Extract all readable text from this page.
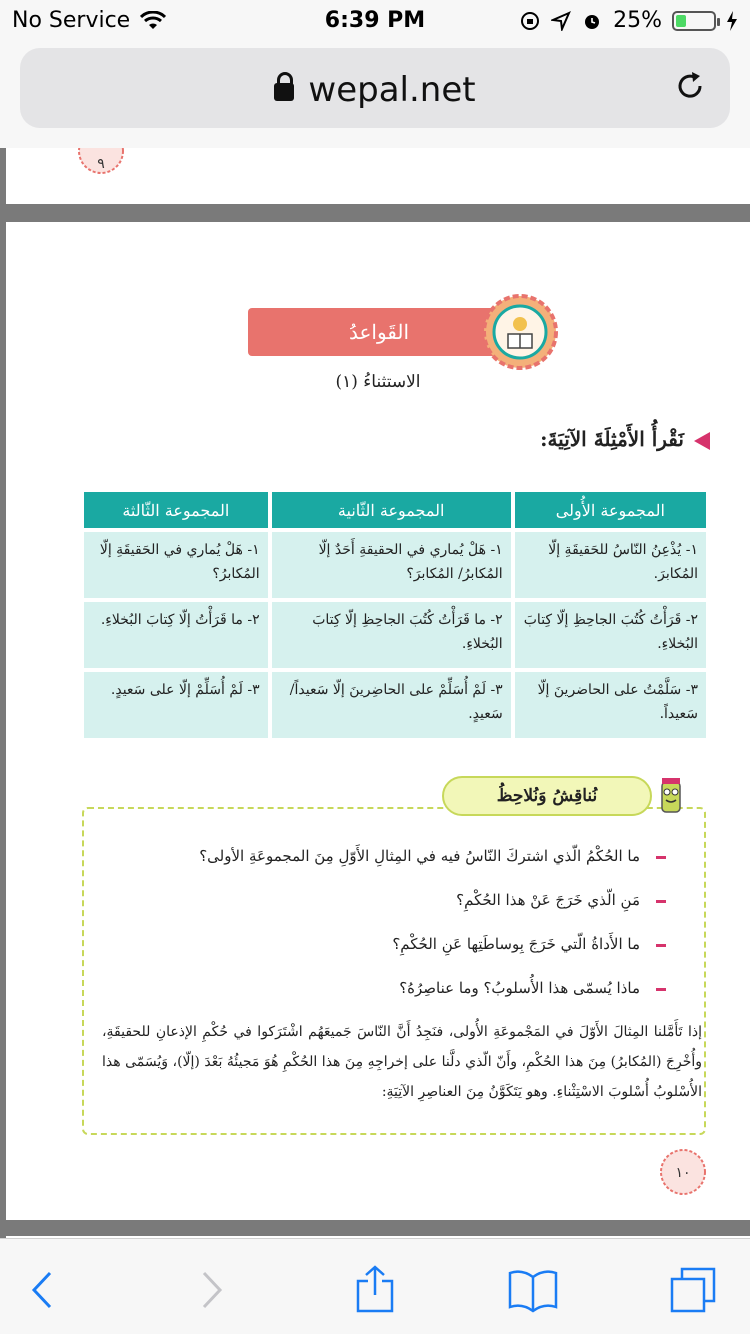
No Service	6:39 PM	25%
wepal.net
٩
القَواعدُ
الاستثناءُ (١)
نَقْرأُ الأَمْثِلَةَ الآتِيَةَ:
المجموعة الأُولى	المجموعة الثّانية	المجموعة الثّالثة
١- يُذْعِنُ النّاسُ للحَقيقَةِ إلّا المُكابرَ.	١- هَلْ يُماري في الحقيقةِ أَحَدٌ إلّا المُكابرُ/ المُكابرَ؟	١- هَلْ يُماري في الحَقيقَةِ إلّا المُكابرُ؟
٢- قَرَأْتُ كُتُبَ الجاحِظِ إلّا كِتابَ البُخلاءِ.	٢- ما قَرَأْتُ كُتُبَ الجاحِظِ إلّا كِتابَ البُخلاءِ.	٢- ما قَرَأْتُ إلّا كِتابَ البُخلاءِ.
٣- سَلَّمْتُ على الحاضرينَ إلّا سَعيداً.	٣- لَمْ أُسَلِّمْ على الحاضِرينَ إلّا سَعيداً/ سَعيدٍ.	٣- لَمْ أُسَلِّمْ إلّا على سَعيدٍ.
نُناقِشُ وَنُلاحِظُ
ما الحُكْمُ الّذي اشتركَ النّاسُ فيه في المِثالِ الأَوّلِ مِنَ المجموعَةِ الأولى؟
مَنِ الّذي خَرَجَ عَنْ هذا الحُكْمِ؟
ما الأَداةُ الّتي خَرَجَ بِوساطَتِها عَنِ الحُكْمِ؟
ماذا يُسمّى هذا الأُسلوبُ؟ وما عناصِرُهُ؟
إذا تَأَمَّلنا المِثالَ الأَوّلَ في المَجْموعَةِ الأُولى، فنَجِدُ أَنَّ النّاسَ جَميعَهُم اشْتَرَكوا في حُكْمِ الإذعانِ للحقيقَةِ، وأُخْرِجَ (المُكابرُ) مِنَ هذا الحُكْمِ، وأَنّ الّذي دلَّنا على إخراجِهِ مِنَ هذا الحُكْمِ هُوَ مَجيئُهُ بَعْدَ (إلّا)، وَيُسَمّى هذا الأُسْلوبُ أُسْلوبَ الاسْتِثْناءِ. وهو يَتَكَوَّنُ مِنَ العناصِرِ الآتِيَةِ:
١٠
